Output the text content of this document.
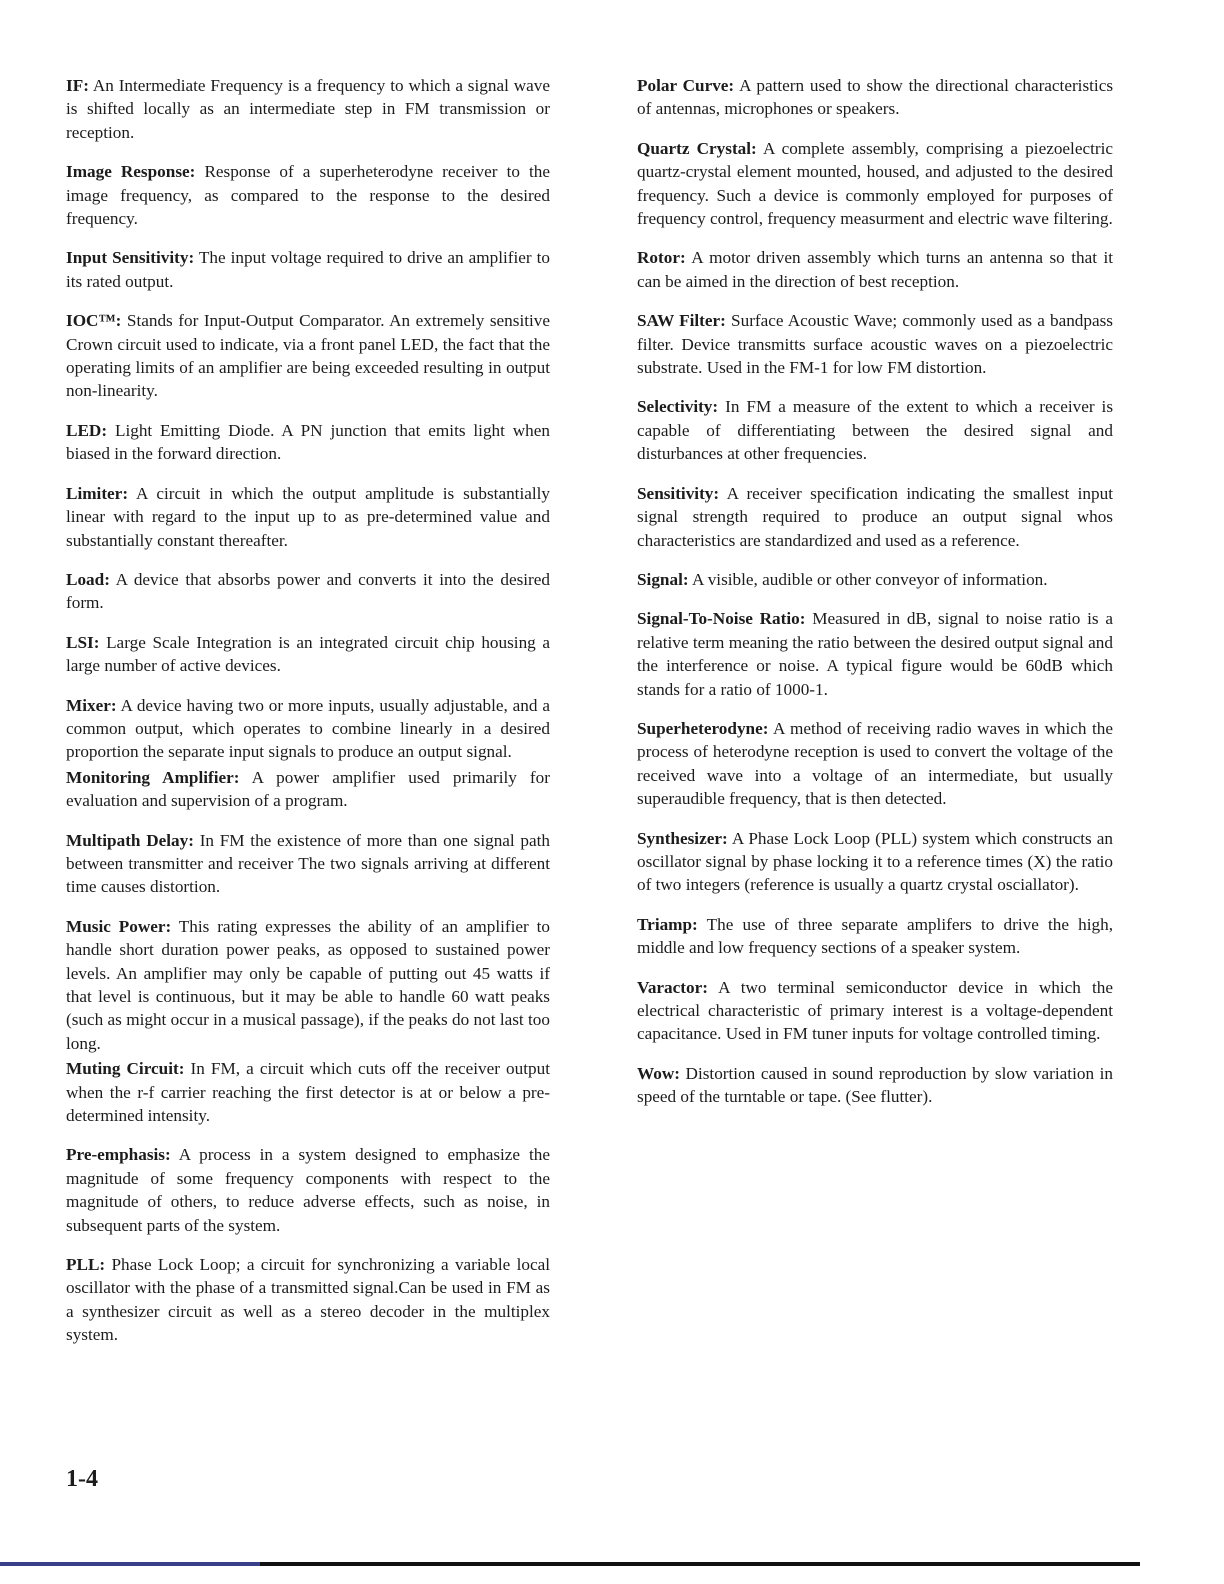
IF: An Intermediate Frequency is a frequency to which a signal wave is shifted locally as an intermediate step in FM transmission or reception.

Image Response: Response of a superheterodyne receiver to the image frequency, as compared to the response to the desired frequency.

Input Sensitivity: The input voltage required to drive an amplifier to its rated output.

IOC™: Stands for Input-Output Comparator. An extremely sensitive Crown circuit used to indicate, via a front panel LED, the fact that the operating limits of an amplifier are being exceeded resulting in output non-linearity.

LED: Light Emitting Diode. A PN junction that emits light when biased in the forward direction.

Limiter: A circuit in which the output amplitude is substantially linear with regard to the input up to as pre-determined value and substantially constant thereafter.

Load: A device that absorbs power and converts it into the desired form.

LSI: Large Scale Integration is an integrated circuit chip housing a large number of active devices.

Mixer: A device having two or more inputs, usually adjustable, and a common output, which operates to combine linearly in a desired proportion the separate input signals to produce an output signal.

Monitoring Amplifier: A power amplifier used primarily for evaluation and supervision of a program.

Multipath Delay: In FM the existence of more than one signal path between transmitter and receiver The two signals arriving at different time causes distortion.

Music Power: This rating expresses the ability of an amplifier to handle short duration power peaks, as opposed to sustained power levels. An amplifier may only be capable of putting out 45 watts if that level is continuous, but it may be able to handle 60 watt peaks (such as might occur in a musical passage), if the peaks do not last too long.

Muting Circuit: In FM, a circuit which cuts off the receiver output when the r-f carrier reaching the first detector is at or below a pre-determined intensity.

Pre-emphasis: A process in a system designed to emphasize the magnitude of some frequency components with respect to the magnitude of others, to reduce adverse effects, such as noise, in subsequent parts of the system.

PLL: Phase Lock Loop; a circuit for synchronizing a variable local oscillator with the phase of a transmitted signal.Can be used in FM as a synthesizer circuit as well as a stereo decoder in the multiplex system.

Polar Curve: A pattern used to show the directional characteristics of antennas, microphones or speakers.

Quartz Crystal: A complete assembly, comprising a piezoelectric quartz-crystal element mounted, housed, and adjusted to the desired frequency. Such a device is commonly employed for purposes of frequency control, frequency measurment and electric wave filtering.

Rotor: A motor driven assembly which turns an antenna so that it can be aimed in the direction of best reception.

SAW Filter: Surface Acoustic Wave; commonly used as a bandpass filter. Device transmitts surface acoustic waves on a piezoelectric substrate. Used in the FM-1 for low FM distortion.

Selectivity: In FM a measure of the extent to which a receiver is capable of differentiating between the desired signal and disturbances at other frequencies.

Sensitivity: A receiver specification indicating the smallest input signal strength required to produce an output signal whos characteristics are standardized and used as a reference.

Signal: A visible, audible or other conveyor of information.

Signal-To-Noise Ratio: Measured in dB, signal to noise ratio is a relative term meaning the ratio between the desired output signal and the interference or noise. A typical figure would be 60dB which stands for a ratio of 1000-1.

Superheterodyne: A method of receiving radio waves in which the process of heterodyne reception is used to convert the voltage of the received wave into a voltage of an intermediate, but usually superaudible frequency, that is then detected.

Synthesizer: A Phase Lock Loop (PLL) system which constructs an oscillator signal by phase locking it to a reference times (X) the ratio of two integers (reference is usually a quartz crystal osciallator).

Triamp: The use of three separate amplifers to drive the high, middle and low frequency sections of a speaker system.

Varactor: A two terminal semiconductor device in which the electrical characteristic of primary interest is a voltage-dependent capacitance. Used in FM tuner inputs for voltage controlled timing.

Wow: Distortion caused in sound reproduction by slow variation in speed of the turntable or tape. (See flutter).

1-4
